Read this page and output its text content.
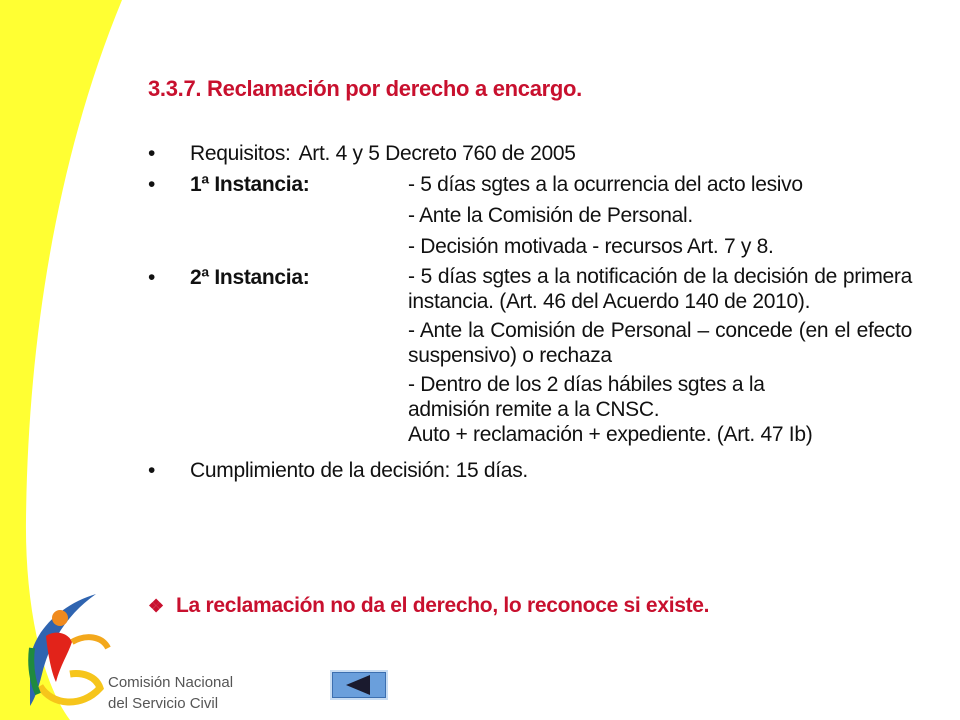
3.3.7. Reclamación por derecho a encargo.
•	Requisitos: Art. 4 y 5 Decreto 760 de 2005
•	1ª Instancia:	- 5 días sgtes a la ocurrencia del acto lesivo
- Ante la Comisión de Personal.
- Decisión motivada - recursos Art. 7 y 8.
•	2ª Instancia:	- 5 días sgtes a la notificación de la decisión de primera instancia. (Art. 46 del Acuerdo 140 de 2010).
- Ante la Comisión de Personal – concede (en el efecto suspensivo) o rechaza
- Dentro de los 2 días hábiles sgtes a la admisión remite a la CNSC.
Auto + reclamación + expediente. (Art. 47 Ib)
•	Cumplimiento de la decisión: 15 días.
❖ La reclamación no da el derecho, lo reconoce si existe.
Comisión Nacional
del Servicio Civil
